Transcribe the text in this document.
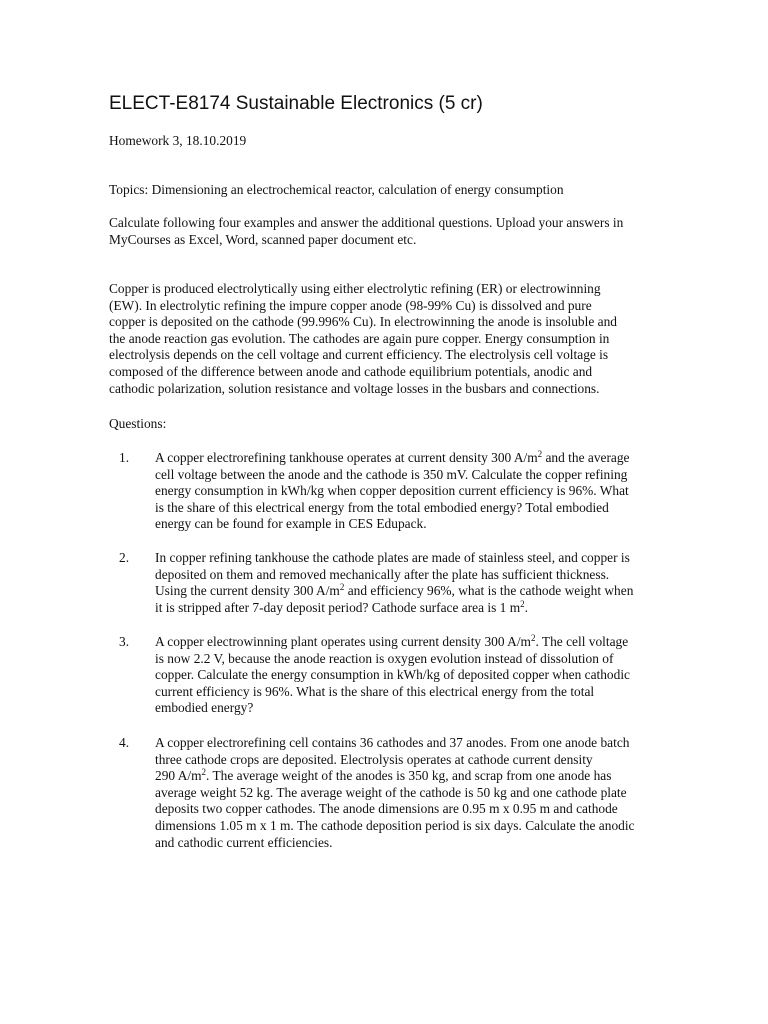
ELECT-E8174 Sustainable Electronics (5 cr)

Homework 3, 18.10.2019

Topics: Dimensioning an electrochemical reactor, calculation of energy consumption

Calculate following four examples and answer the additional questions. Upload your answers in
MyCourses as Excel, Word, scanned paper document etc.
Copper is produced electrolytically using either electrolytic refining (ER) or electrowinning
(EW). In electrolytic refining the impure copper anode (98-99% Cu) is dissolved and pure
copper is deposited on the cathode (99.996% Cu). In electrowinning the anode is insoluble and
the anode reaction gas evolution. The cathodes are again pure copper. Energy consumption in
electrolysis depends on the cell voltage and current efficiency. The electrolysis cell voltage is
composed of the difference between anode and cathode equilibrium potentials, anodic and
cathodic polarization, solution resistance and voltage losses in the busbars and connections.

Questions:

1. A copper electrorefining tankhouse operates at current density 300 $A/m^2$ and the average
cell voltage between the anode and the cathode is 350 mV. Calculate the copper refining
energy consumption in kWh/kg when copper deposition current efficiency is 96%. What
is the share of this electrical energy from the total embodied energy? Total embodied
energy can be found for example in CES Edupack.
2. In copper refining tankhouse the cathode plates are made of stainless steel, and copper is
deposited on them and removed mechanically after the plate has sufficient thickness.
Using the current density 300 $A/m^2$ and efficiency 96%, what is the cathode weight when
it is stripped after 7-day deposit period? Cathode surface area is 1 $m^2$.
3. A copper electrowinning plant operates using current density 300 $A/m^2$. The cell voltage
is now 2.2 V, because the anode reaction is oxygen evolution instead of dissolution of
copper. Calculate the energy consumption in kWh/kg of deposited copper when cathodic
current efficiency is 96%. What is the share of this electrical energy from the total
embodied energy?
4. A copper electrorefining cell contains 36 cathodes and 37 anodes. From one anode batch
three cathode crops are deposited. Electrolysis operates at cathode current density
290 $A/m^2$. The average weight of the anodes is 350 kg, and scrap from one anode has
average weight 52 kg. The average weight of the cathode is 50 kg and one cathode plate
deposits two copper cathodes. The anode dimensions are 0.95 m x 0.95 m and cathode
dimensions 1.05 m x 1 m. The cathode deposition period is six days. Calculate the anodic
and cathodic current efficiencies.
